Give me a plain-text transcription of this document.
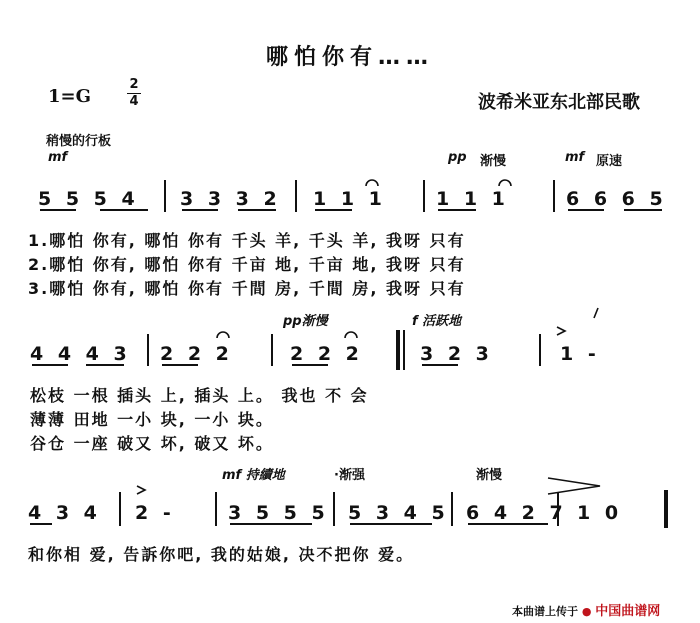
哪怕你有……
1=G
2
4	波希米亚东北部民歌
稍慢的行板
mf	pp 渐慢	mf 原速
5 5 5 4 3 3 3 2 1 1 1	1 1 1	6 6 6 5
1.哪怕 你有, 哪怕 你有 千头 羊, 千头 羊, 我呀 只有
2.哪怕 你有, 哪怕 你有 千亩 地, 千亩 地, 我呀 只有
3.哪怕 你有, 哪怕 你有 千間 房, 千間 房, 我呀 只有
pp渐慢	f 活跃地
4 4 4 3 2 2 2	2 2 2	3 2 3	1 -
松枝 一根 插头 上, 插头 上。 我也 不 会
薄薄 田地 一小 块, 一小 块。
谷仓 一座 破又 坏, 破又 坏。
mf 持續地	·渐强	渐慢
4 3 4 2 -	3 5 5 5 5 3 4 5 6 4 2 7 1 0
和你相 爱, 告訴你吧, 我的姑娘, 决不把你 爱。
本曲谱上传于 ● 中国曲谱网
